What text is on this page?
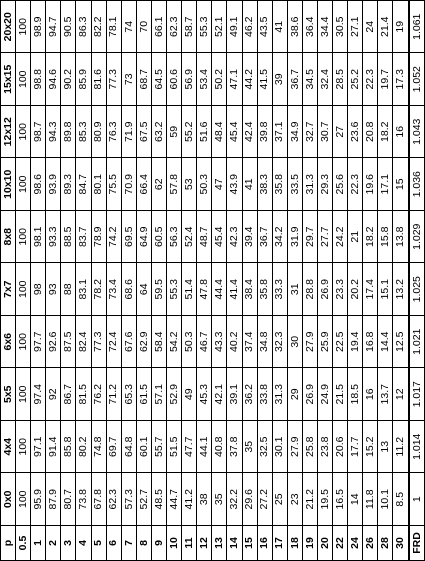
p	0x0	4x4	5x5	6x6	7x7	8x8	10x10	12x12	15x15	20x20
0.5	100	100	100	100	100	100	100	100	100	100
1	95.9	97.1	97.4	97.7	98	98.1	98.6	98.7	98.8	98.9
2	87.9	91.4	92	92.6	93	93.3	93.9	94.3	94.6	94.7
3	80.7	85.8	86.7	87.5	88	88.5	89.3	89.8	90.2	90.5
4	73.8	80.2	81.5	82.4	83.1	83.7	84.7	85.3	85.9	86.3
5	67.8	74.8	76.2	77.3	78.2	78.9	80.1	80.9	81.6	82.2
6	62.3	69.7	71.2	72.4	73.4	74.2	75.5	76.3	77.3	78.1
7	57.3	64.8	65.3	67.6	68.6	69.5	70.9	71.9	73	74
8	52.7	60.1	61.5	62.9	64	64.9	66.4	67.5	68.7	70
9	48.5	55.7	57.1	58.4	59.5	60.5	62	63.2	64.5	66.1
10	44.7	51.5	52.9	54.2	55.3	56.3	57.8	59	60.6	62.3
11	41.2	47.7	49	50.3	51.4	52.4	53	55.2	56.9	58.7
12	38	44.1	45.3	46.7	47.8	48.7	50.3	51.6	53.4	55.3
13	35	40.8	42.1	43.3	44.4	45.4	47	48.4	50.2	52.1
14	32.2	37.8	39.1	40.2	41.4	42.3	43.9	45.4	47.1	49.1
15	29.6	35	36.2	37.4	38.4	39.4	41	42.4	44.2	46.2
16	27.2	32.5	33.8	34.8	35.8	36.7	38.3	39.8	41.5	43.5
17	25	30.1	31.3	32.3	33.3	34.2	35.8	37.1	39	41
18	23	27.9	29	30	31	31.9	33.5	34.9	36.7	38.6
19	21.2	25.8	26.9	27.9	28.8	29.7	31.3	32.7	34.5	36.4
20	19.5	23.8	24.9	25.9	26.9	27.7	29.3	30.7	32.4	34.4
22	16.5	20.6	21.5	22.5	23.3	24.2	25.6	27	28.5	30.5
24	14	17.7	18.5	19.4	20.2	21	22.3	23.6	25.2	27.1
26	11.8	15.2	16	16.8	17.4	18.2	19.6	20.8	22.3	24
28	10.1	13	13.7	14.4	15.1	15.8	17.1	18.2	19.7	21.4
30	8.5	11.2	12	12.5	13.2	13.8	15	16	17.3	19
FRD	1	1.014	1.017	1.021	1.025	1.029	1.036	1.043	1.052	1.061
